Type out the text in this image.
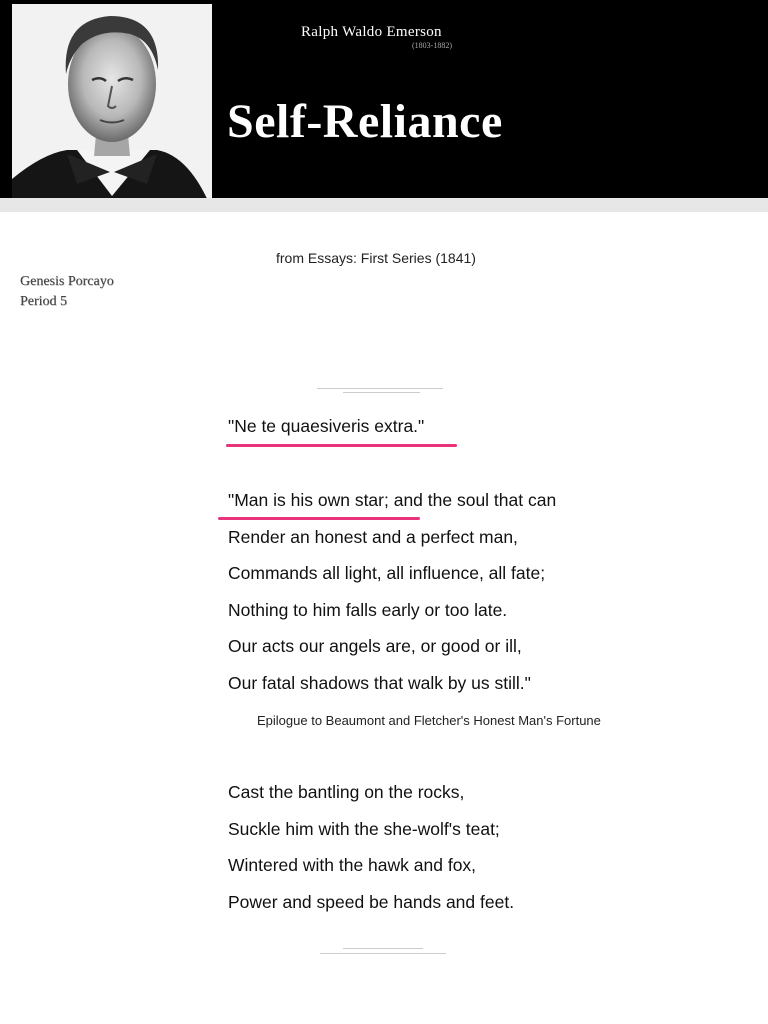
Ralph Waldo Emerson
(1803-1882)
Self-Reliance
from Essays: First Series (1841)
Genesis Porcayo
Period 5
"Ne te quaesiveris extra."
"Man is his own star; and the soul that can
Render an honest and a perfect man,
Commands all light, all influence, all fate;
Nothing to him falls early or too late.
Our acts our angels are, or good or ill,
Our fatal shadows that walk by us still."
Epilogue to Beaumont and Fletcher's Honest Man's Fortune
Cast the bantling on the rocks,
Suckle him with the she-wolf's teat;
Wintered with the hawk and fox,
Power and speed be hands and feet.
